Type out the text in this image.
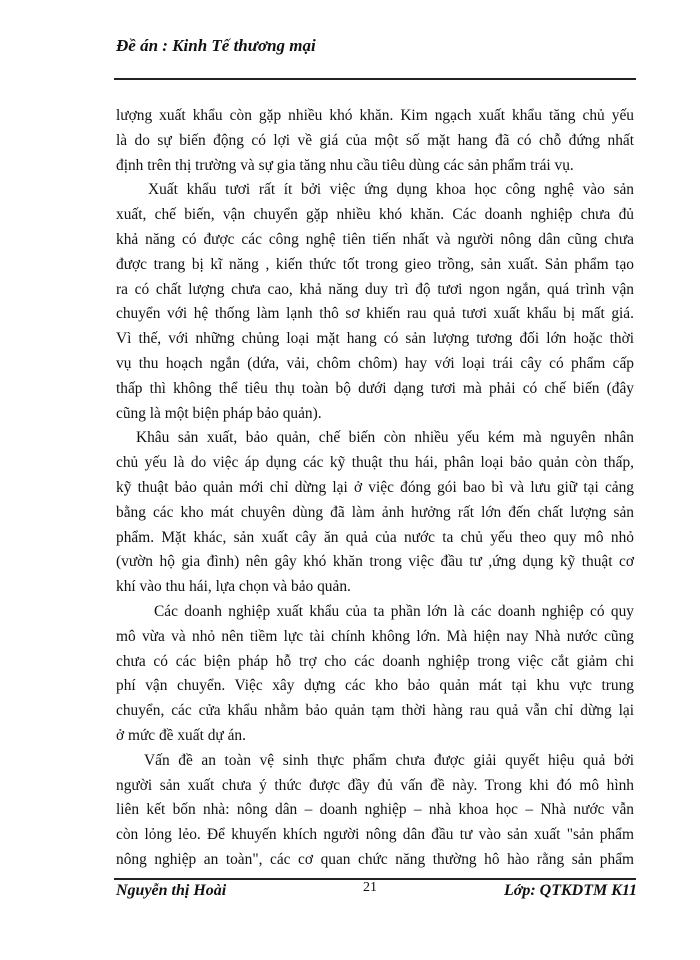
Đề án : Kinh Tế thương mại
lượng xuất khẩu còn gặp nhiều khó khăn. Kim ngạch xuất khẩu tăng chủ yếu
là do sự biến động có lợi về giá của một số mặt hang đã có chỗ đứng nhất
định trên thị trường và sự gia tăng nhu cầu tiêu dùng các sản phẩm trái vụ.
Xuất khẩu tươi rất ít bởi việc ứng dụng khoa học công nghệ vào sản
xuất, chế biến, vận chuyển gặp nhiều khó khăn. Các doanh nghiệp chưa đủ
khả năng có được các công nghệ tiên tiến nhất và người nông dân cũng chưa
được trang bị kĩ năng , kiến thức tốt trong gieo trồng, sản xuất. Sản phẩm tạo
ra có chất lượng chưa cao, khả năng duy trì độ tươi ngon ngắn, quá trình vận
chuyển với hệ thống làm lạnh thô sơ khiến rau quả tươi xuất khẩu bị mất giá.
Vì thế, với những chủng loại mặt hang có sản lượng tương đối lớn hoặc thời
vụ thu hoạch ngắn (dứa, vải, chôm chôm) hay với loại trái cây có phẩm cấp
thấp thì không thể tiêu thụ toàn bộ dưới dạng tươi mà phải có chế biến (đây
cũng là một biện pháp bảo quản).
Khâu sản xuất, bảo quản, chế biến còn nhiều yếu kém mà nguyên nhân
chủ yếu là do việc áp dụng các kỹ thuật thu hái, phân loại bảo quản còn thấp,
kỹ thuật bảo quản mới chỉ dừng lại ở việc đóng gói bao bì và lưu giữ tại cảng
bằng các kho mát chuyên dùng đã làm ảnh hưởng rất lớn đến chất lượng sản
phẩm. Mặt khác, sản xuất cây ăn quả của nước ta chủ yếu theo quy mô nhỏ
(vườn hộ gia đình) nên gây khó khăn trong việc đầu tư ,ứng dụng kỹ thuật cơ
khí vào thu hái, lựa chọn và bảo quản.
Các doanh nghiệp xuất khẩu của ta phần lớn là các doanh nghiệp có quy
mô vừa và nhỏ nên tiềm lực tài chính không lớn. Mà hiện nay Nhà nước cũng
chưa có các biện pháp hỗ trợ cho các doanh nghiệp trong việc cắt giảm chi
phí vận chuyển. Việc xây dựng các kho bảo quản mát tại khu vực trung
chuyển, các cửa khẩu nhằm bảo quản tạm thời hàng rau quả vẫn chỉ dừng lại
ở mức đề xuất dự án.
Vấn đề an toàn vệ sinh thực phẩm chưa được giải quyết hiệu quả bởi
người sản xuất chưa ý thức được đầy đủ vấn đề này. Trong khi đó mô hình
liên kết bốn nhà: nông dân – doanh nghiệp – nhà khoa học – Nhà nước vẫn
còn lỏng lẻo. Để khuyến khích người nông dân đầu tư vào sản xuất "sản phẩm
nông nghiệp an toàn", các cơ quan chức năng thường hô hào rằng sản phẩm
Nguyễn thị Hoài	21	Lớp: QTKDTM K11
